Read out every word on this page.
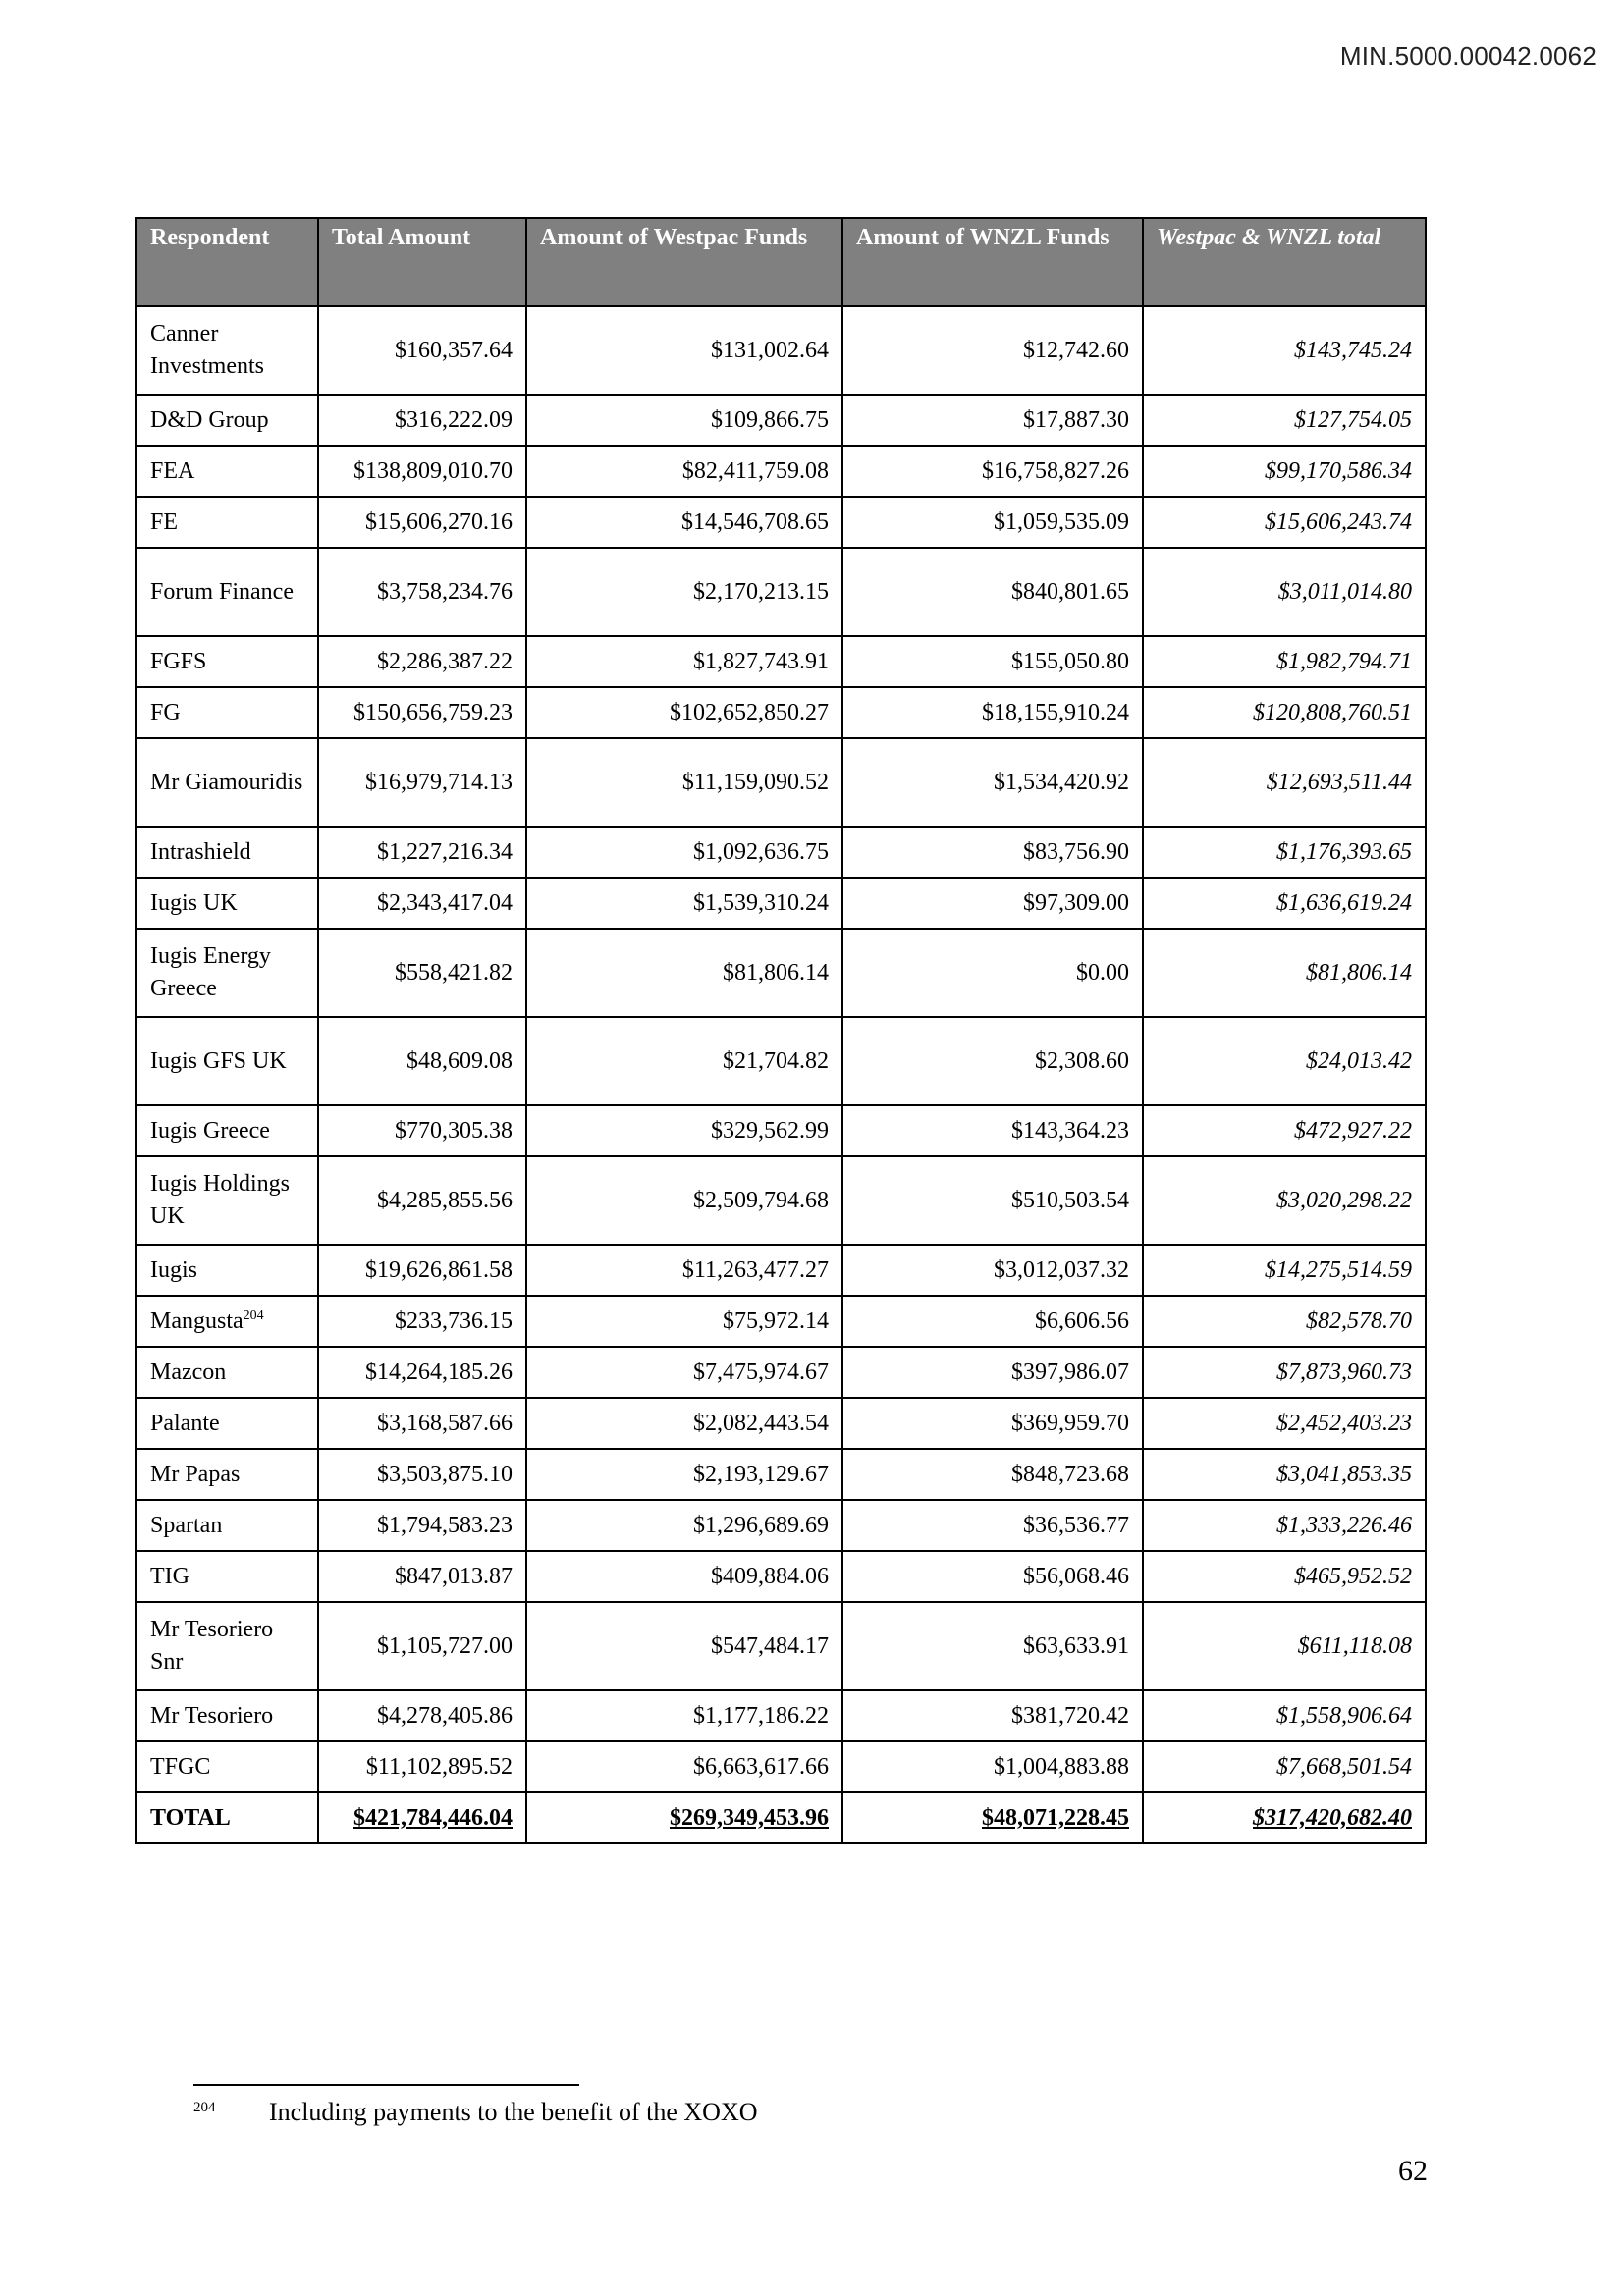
MIN.5000.00042.0062
Respondent	Total Amount	Amount of Westpac Funds	Amount of WNZL Funds	Westpac & WNZL total
Canner Investments	$160,357.64	$131,002.64	$12,742.60	$143,745.24
D&D Group	$316,222.09	$109,866.75	$17,887.30	$127,754.05
FEA	$138,809,010.70	$82,411,759.08	$16,758,827.26	$99,170,586.34
FE	$15,606,270.16	$14,546,708.65	$1,059,535.09	$15,606,243.74
Forum Finance	$3,758,234.76	$2,170,213.15	$840,801.65	$3,011,014.80
FGFS	$2,286,387.22	$1,827,743.91	$155,050.80	$1,982,794.71
FG	$150,656,759.23	$102,652,850.27	$18,155,910.24	$120,808,760.51
Mr Giamouridis	$16,979,714.13	$11,159,090.52	$1,534,420.92	$12,693,511.44
Intrashield	$1,227,216.34	$1,092,636.75	$83,756.90	$1,176,393.65
Iugis UK	$2,343,417.04	$1,539,310.24	$97,309.00	$1,636,619.24
Iugis Energy Greece	$558,421.82	$81,806.14	$0.00	$81,806.14
Iugis GFS UK	$48,609.08	$21,704.82	$2,308.60	$24,013.42
Iugis Greece	$770,305.38	$329,562.99	$143,364.23	$472,927.22
Iugis Holdings UK	$4,285,855.56	$2,509,794.68	$510,503.54	$3,020,298.22
Iugis	$19,626,861.58	$11,263,477.27	$3,012,037.32	$14,275,514.59
Mangusta$^{204}$	$233,736.15	$75,972.14	$6,606.56	$82,578.70
Mazcon	$14,264,185.26	$7,475,974.67	$397,986.07	$7,873,960.73
Palante	$3,168,587.66	$2,082,443.54	$369,959.70	$2,452,403.23
Mr Papas	$3,503,875.10	$2,193,129.67	$848,723.68	$3,041,853.35
Spartan	$1,794,583.23	$1,296,689.69	$36,536.77	$1,333,226.46
TIG	$847,013.87	$409,884.06	$56,068.46	$465,952.52
Mr Tesoriero Snr	$1,105,727.00	$547,484.17	$63,633.91	$611,118.08
Mr Tesoriero	$4,278,405.86	$1,177,186.22	$381,720.42	$1,558,906.64
TFGC	$11,102,895.52	$6,663,617.66	$1,004,883.88	$7,668,501.54
TOTAL	$421,784,446.04	$269,349,453.96	$48,071,228.45	$317,420,682.40
204 Including payments to the benefit of the XOXO
62
